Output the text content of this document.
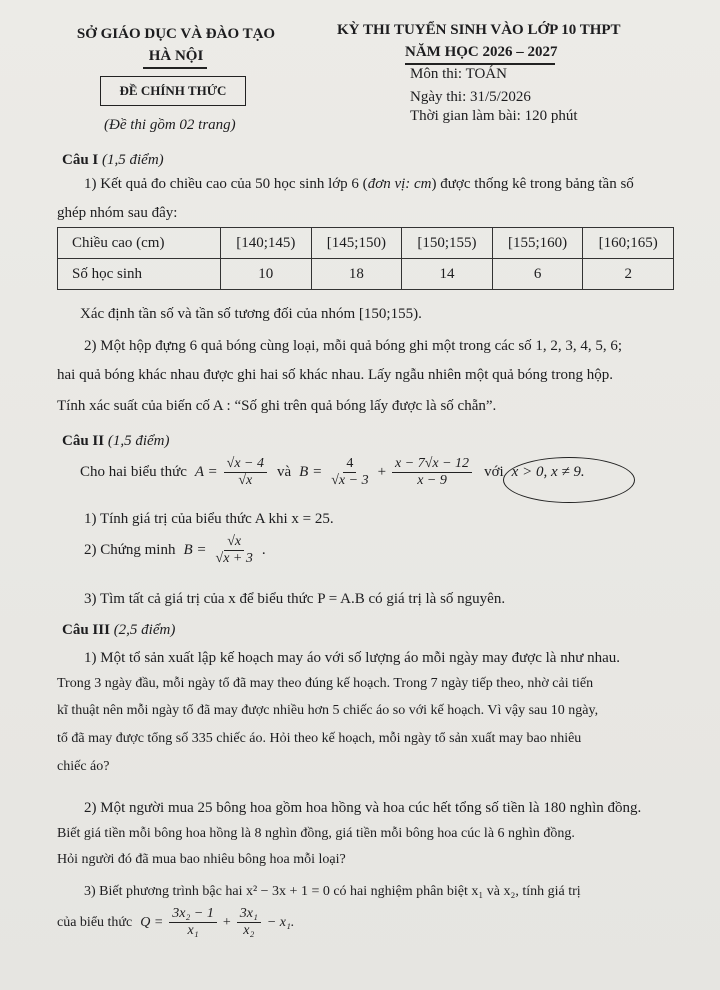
SỞ GIÁO DỤC VÀ ĐÀO TẠO
HÀ NỘI
ĐỀ CHÍNH THỨC
(Đề thi gồm 02 trang)
KỲ THI TUYỂN SINH VÀO LỚP 10 THPT
NĂM HỌC 2026 – 2027
Môn thi: TOÁN
Ngày thi: 31/5/2026
Thời gian làm bài: 120 phút
Câu I (1,5 điểm)
1) Kết quả đo chiều cao của 50 học sinh lớp 6 (đơn vị: cm) được thống kê trong bảng tần số
ghép nhóm sau đây:
Chiều cao (cm)	[140;145)	[145;150)	[150;155)	[155;160)	[160;165)
Số học sinh	10	18	14	6	2
Xác định tần số và tần số tương đối của nhóm [150;155).
2) Một hộp đựng 6 quả bóng cùng loại, mỗi quả bóng ghi một trong các số 1, 2, 3, 4, 5, 6;
hai quả bóng khác nhau được ghi hai số khác nhau. Lấy ngẫu nhiên một quả bóng trong hộp.
Tính xác suất của biến cố A : “Số ghi trên quả bóng lấy được là số chẵn”.
Câu II (1,5 điểm)
Cho hai biểu thức $A = \frac{√x - 4}{√x}$ và $B = \frac{4}{√x - 3} + \frac{x - 7√x - 12}{x - 9}$ với x > 0, x ≠ 9.
1) Tính giá trị của biểu thức A khi x = 25.
2) Chứng minh $B = \frac{√x}{√x + 3}$ .
3) Tìm tất cả giá trị của x để biểu thức P = A.B có giá trị là số nguyên.
Câu III (2,5 điểm)
1) Một tổ sản xuất lập kế hoạch may áo với số lượng áo mỗi ngày may được là như nhau.
Trong 3 ngày đầu, mỗi ngày tổ đã may theo đúng kế hoạch. Trong 7 ngày tiếp theo, nhờ cải tiến
kĩ thuật nên mỗi ngày tổ đã may được nhiều hơn 5 chiếc áo so với kế hoạch. Vì vậy sau 10 ngày,
tổ đã may được tổng số 335 chiếc áo. Hỏi theo kế hoạch, mỗi ngày tổ sản xuất may bao nhiêu
chiếc áo?
2) Một người mua 25 bông hoa gồm hoa hồng và hoa cúc hết tổng số tiền là 180 nghìn đồng.
Biết giá tiền mỗi bông hoa hồng là 8 nghìn đồng, giá tiền mỗi bông hoa cúc là 6 nghìn đồng.
Hỏi người đó đã mua bao nhiêu bông hoa mỗi loại?
3) Biết phương trình bậc hai x² − 3x + 1 = 0 có hai nghiệm phân biệt x₁ và x₂, tính giá trị
của biểu thức $Q = \frac{\text{3x₂ − 1}}{\text{x₁}} + \frac{\text{3x₁}}{\text{x₂}} - x_1$.
